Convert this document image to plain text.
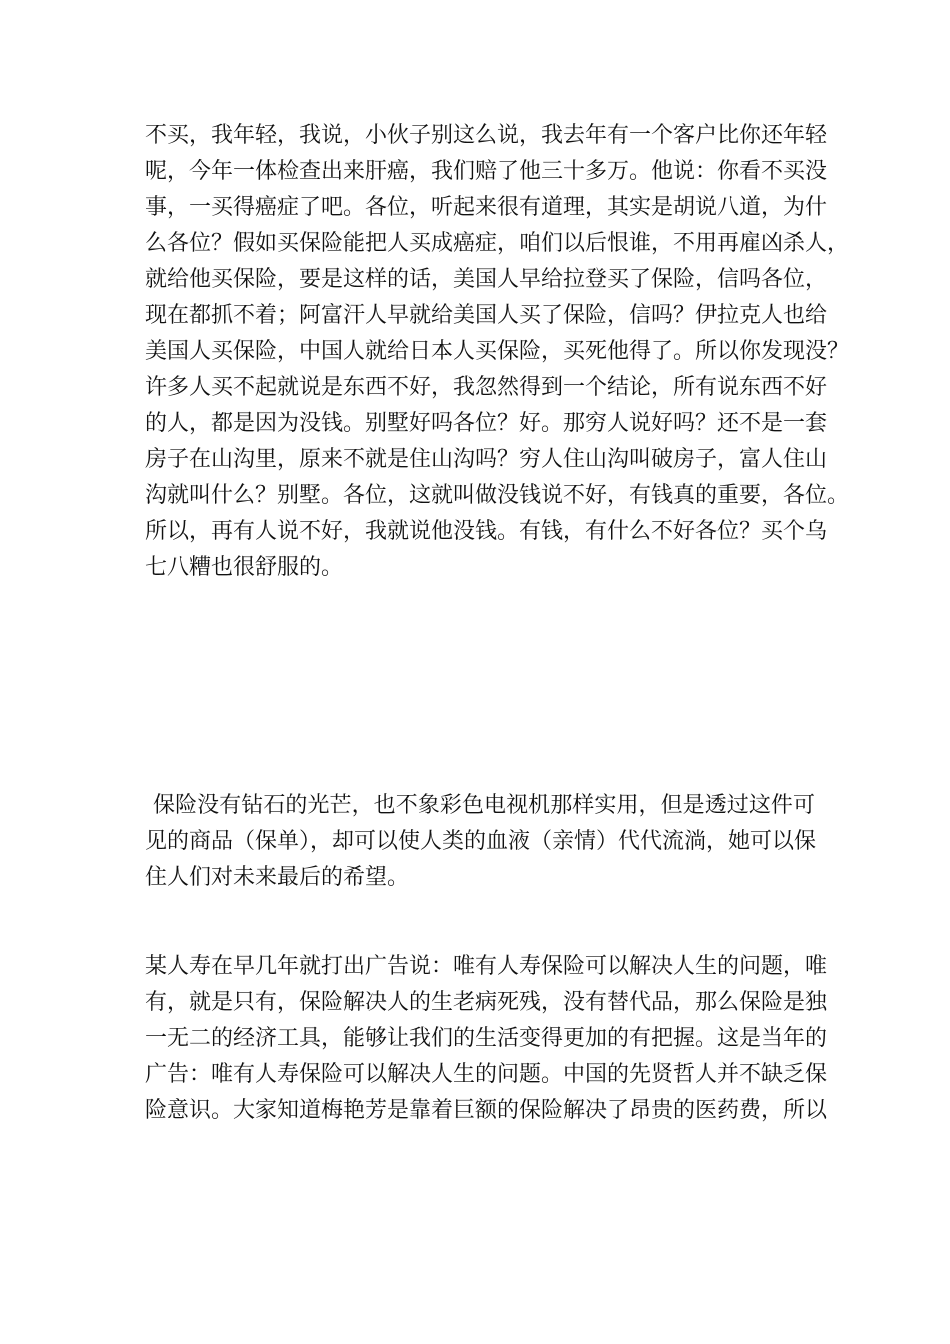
不买，我年轻，我说，小伙子别这么说，我去年有一个客户比你还年轻
呢，今年一体检查出来肝癌，我们赔了他三十多万。他说：你看不买没
事，一买得癌症了吧。各位，听起来很有道理，其实是胡说八道，为什
么各位？假如买保险能把人买成癌症，咱们以后恨谁，不用再雇凶杀人，
就给他买保险，要是这样的话，美国人早给拉登买了保险，信吗各位，
现在都抓不着；阿富汗人早就给美国人买了保险，信吗？伊拉克人也给
美国人买保险，中国人就给日本人买保险，买死他得了。所以你发现没？
许多人买不起就说是东西不好，我忽然得到一个结论，所有说东西不好
的人，都是因为没钱。别墅好吗各位？好。那穷人说好吗？还不是一套
房子在山沟里，原来不就是住山沟吗？穷人住山沟叫破房子，富人住山
沟就叫什么？别墅。各位，这就叫做没钱说不好，有钱真的重要，各位。
所以，再有人说不好，我就说他没钱。有钱，有什么不好各位？买个乌
七八糟也很舒服的。
保险没有钻石的光芒，也不象彩色电视机那样实用，但是透过这件可
见的商品（保单），却可以使人类的血液（亲情）代代流淌，她可以保
住人们对未来最后的希望。
某人寿在早几年就打出广告说：唯有人寿保险可以解决人生的问题，唯
有，就是只有，保险解决人的生老病死残，没有替代品，那么保险是独
一无二的经济工具，能够让我们的生活变得更加的有把握。这是当年的
广告：唯有人寿保险可以解决人生的问题。中国的先贤哲人并不缺乏保
险意识。大家知道梅艳芳是靠着巨额的保险解决了昂贵的医药费，所以
